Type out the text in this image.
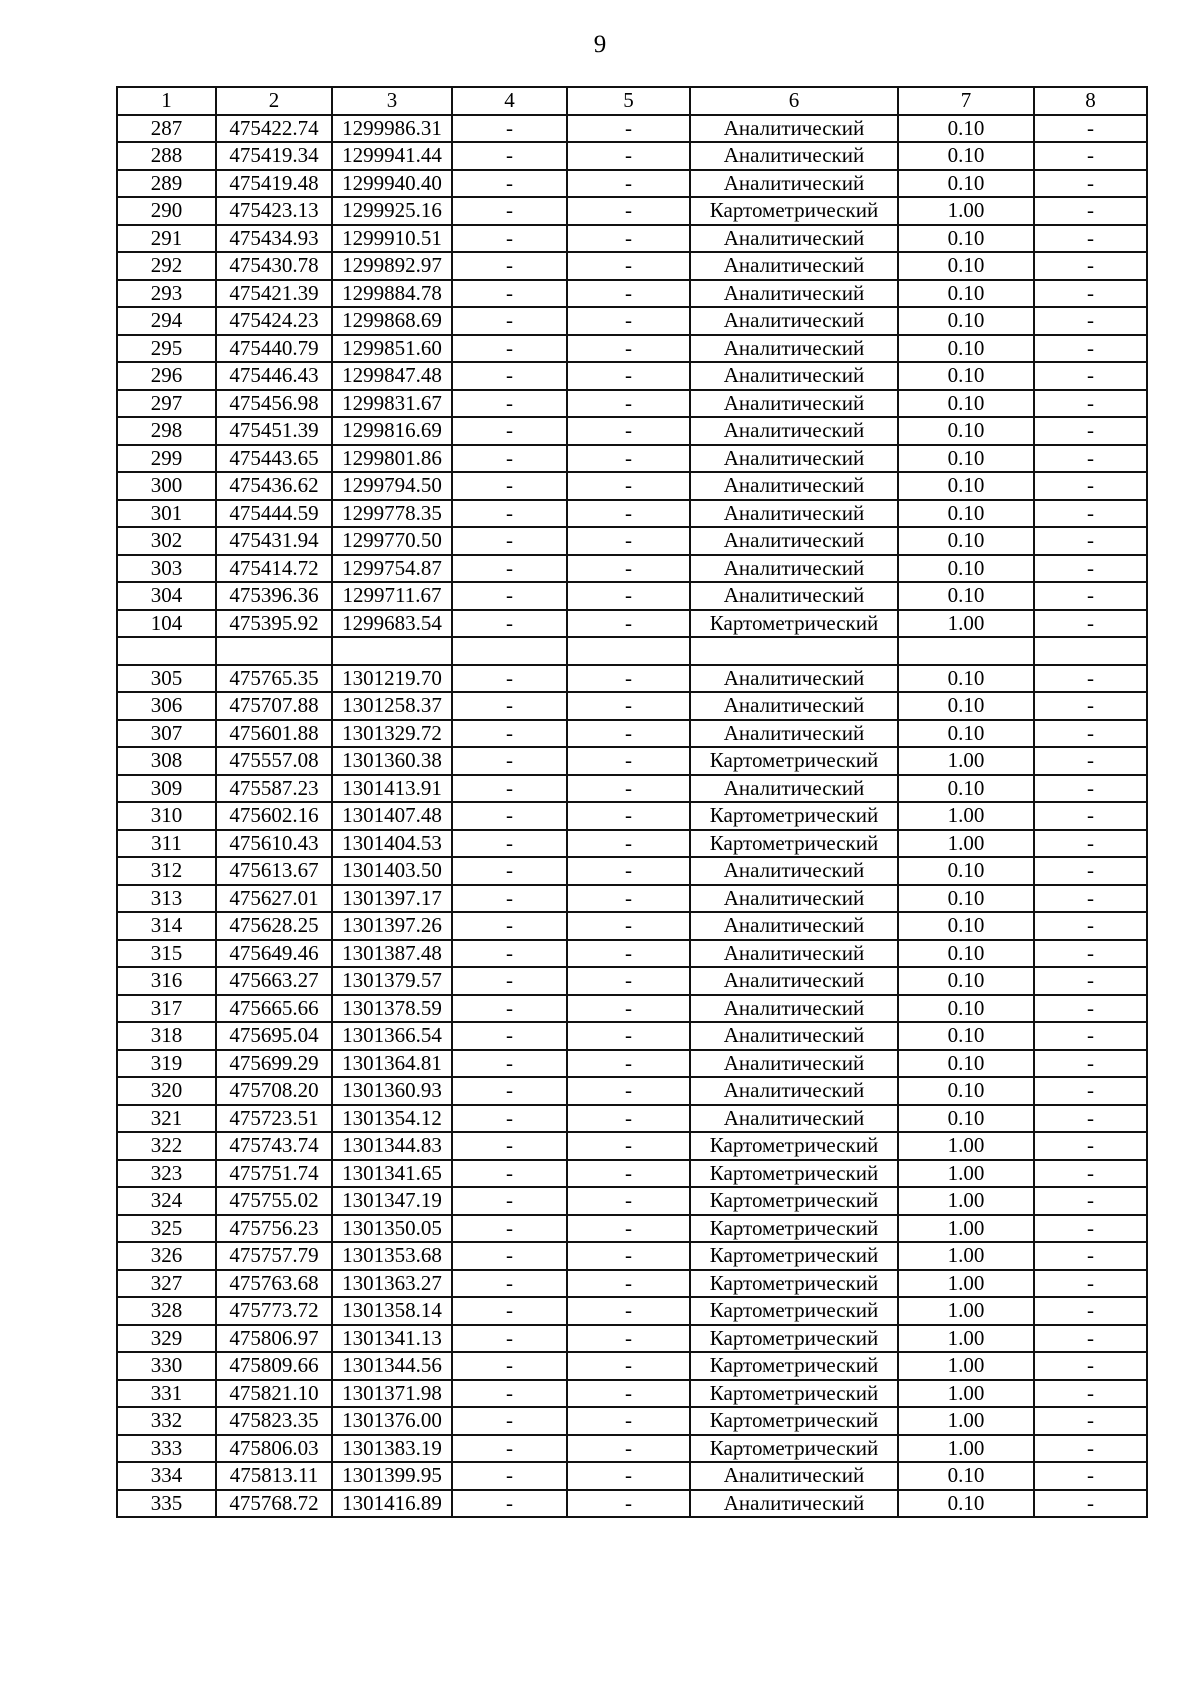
9
1	2	3	4	5	6	7	8
287	475422.74	1299986.31	-	-	Аналитический	0.10	-
288	475419.34	1299941.44	-	-	Аналитический	0.10	-
289	475419.48	1299940.40	-	-	Аналитический	0.10	-
290	475423.13	1299925.16	-	-	Картометрический	1.00	-
291	475434.93	1299910.51	-	-	Аналитический	0.10	-
292	475430.78	1299892.97	-	-	Аналитический	0.10	-
293	475421.39	1299884.78	-	-	Аналитический	0.10	-
294	475424.23	1299868.69	-	-	Аналитический	0.10	-
295	475440.79	1299851.60	-	-	Аналитический	0.10	-
296	475446.43	1299847.48	-	-	Аналитический	0.10	-
297	475456.98	1299831.67	-	-	Аналитический	0.10	-
298	475451.39	1299816.69	-	-	Аналитический	0.10	-
299	475443.65	1299801.86	-	-	Аналитический	0.10	-
300	475436.62	1299794.50	-	-	Аналитический	0.10	-
301	475444.59	1299778.35	-	-	Аналитический	0.10	-
302	475431.94	1299770.50	-	-	Аналитический	0.10	-
303	475414.72	1299754.87	-	-	Аналитический	0.10	-
304	475396.36	1299711.67	-	-	Аналитический	0.10	-
104	475395.92	1299683.54	-	-	Картометрический	1.00	-

305	475765.35	1301219.70	-	-	Аналитический	0.10	-
306	475707.88	1301258.37	-	-	Аналитический	0.10	-
307	475601.88	1301329.72	-	-	Аналитический	0.10	-
308	475557.08	1301360.38	-	-	Картометрический	1.00	-
309	475587.23	1301413.91	-	-	Аналитический	0.10	-
310	475602.16	1301407.48	-	-	Картометрический	1.00	-
311	475610.43	1301404.53	-	-	Картометрический	1.00	-
312	475613.67	1301403.50	-	-	Аналитический	0.10	-
313	475627.01	1301397.17	-	-	Аналитический	0.10	-
314	475628.25	1301397.26	-	-	Аналитический	0.10	-
315	475649.46	1301387.48	-	-	Аналитический	0.10	-
316	475663.27	1301379.57	-	-	Аналитический	0.10	-
317	475665.66	1301378.59	-	-	Аналитический	0.10	-
318	475695.04	1301366.54	-	-	Аналитический	0.10	-
319	475699.29	1301364.81	-	-	Аналитический	0.10	-
320	475708.20	1301360.93	-	-	Аналитический	0.10	-
321	475723.51	1301354.12	-	-	Аналитический	0.10	-
322	475743.74	1301344.83	-	-	Картометрический	1.00	-
323	475751.74	1301341.65	-	-	Картометрический	1.00	-
324	475755.02	1301347.19	-	-	Картометрический	1.00	-
325	475756.23	1301350.05	-	-	Картометрический	1.00	-
326	475757.79	1301353.68	-	-	Картометрический	1.00	-
327	475763.68	1301363.27	-	-	Картометрический	1.00	-
328	475773.72	1301358.14	-	-	Картометрический	1.00	-
329	475806.97	1301341.13	-	-	Картометрический	1.00	-
330	475809.66	1301344.56	-	-	Картометрический	1.00	-
331	475821.10	1301371.98	-	-	Картометрический	1.00	-
332	475823.35	1301376.00	-	-	Картометрический	1.00	-
333	475806.03	1301383.19	-	-	Картометрический	1.00	-
334	475813.11	1301399.95	-	-	Аналитический	0.10	-
335	475768.72	1301416.89	-	-	Аналитический	0.10	-
